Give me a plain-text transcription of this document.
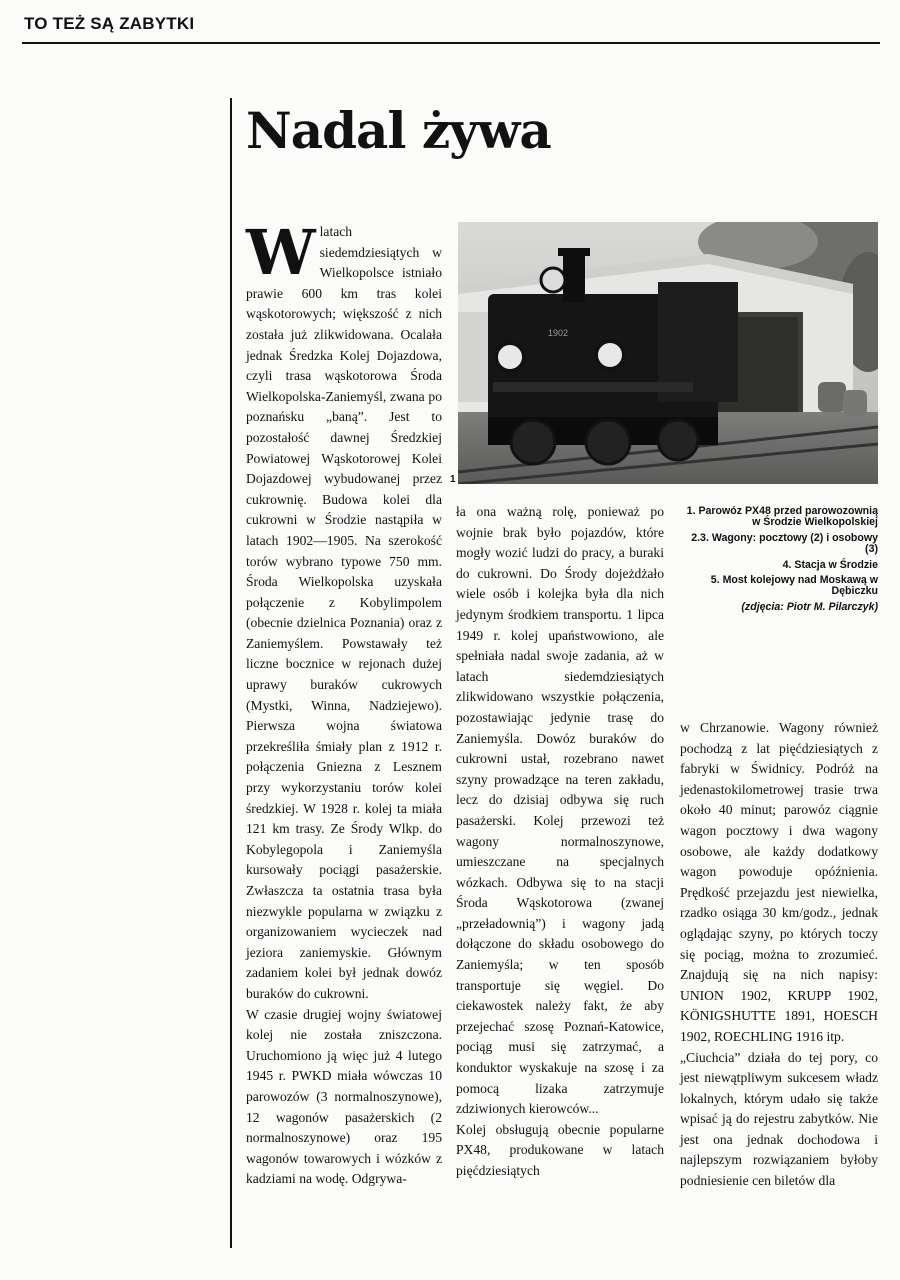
TO TEŻ SĄ ZABYTKI
Nadal żywa

Wlatach siedemdziesiątych w Wielkopolsce istniało prawie 600 km tras kolei wąskotorowych; większość z nich została już zlikwidowana. Ocalała jednak Średzka Kolej Dojazdowa, czyli trasa wąskotorowa Środa Wielkopolska-Zaniemyśl, zwana po poznańsku „baną”. Jest to pozostałość dawnej Średzkiej Powiatowej Wąskotorowej Kolei Dojazdowej wybudowanej przez cukrownię. Budowa kolei dla cukrowni w Środzie nastąpiła w latach 1902—1905. Na szerokość torów wybrano typowe 750 mm. Środa Wielkopolska uzyskała połączenie z Kobylimpolem (obecnie dzielnica Poznania) oraz z Zaniemyślem. Powstawały też liczne bocznice w rejonach dużej uprawy buraków cukrowych (Mystki, Winna, Nadziejewo). Pierwsza wojna światowa przekreśliła śmiały plan z 1912 r. połączenia Gniezna z Lesznem przy wykorzystaniu torów kolei średzkiej. W 1928 r. kolej ta miała 121 km trasy. Ze Środy Wlkp. do Kobylegopola i Zaniemyśla kursowały pociągi pasażerskie. Zwłaszcza ta ostatnia trasa była niezwykle popularna w związku z organizowaniem wycieczek nad jeziora zaniemyskie. Głównym zadaniem kolei był jednak dowóz buraków do cukrowni.

W czasie drugiej wojny światowej kolej nie została zniszczona. Uruchomiono ją więc już 4 lutego 1945 r. PWKD miała wówczas 10 parowozów (3 normalnoszynowe), 12 wagonów pasażerskich (2 normalnoszynowe) oraz 195 wagonów towarowych i wózków z kadziami na wodę. Odgrywa-

1902
1
1. Parowóz PX48 przed parowozownią w Środzie Wielkopolskiej
2.3. Wagony: pocztowy (2) i osobowy (3)
4. Stacja w Środzie
5. Most kolejowy nad Moskawą w Dębiczku
(zdjęcia: Piotr M. Pilarczyk)

ła ona ważną rolę, ponieważ po wojnie brak było pojazdów, które mogły wozić ludzi do pracy, a buraki do cukrowni. Do Środy dojeżdżało wiele osób i kolejka była dla nich jedynym środkiem transportu. 1 lipca 1949 r. kolej upaństwowiono, ale spełniała nadal swoje zadania, aż w latach siedemdziesiątych zlikwidowano wszystkie połączenia, pozostawiając jedynie trasę do Zaniemyśla. Dowóz buraków do cukrowni ustał, rozebrano nawet szyny prowadzące na teren zakładu, lecz do dzisiaj odbywa się ruch pasażerski. Kolej przewozi też wagony normalnoszynowe, umieszczane na specjalnych wózkach. Odbywa się to na stacji Środa Wąskotorowa (zwanej „przeładownią”) i wagony jadą dołączone do składu osobowego do Zaniemyśla; w ten sposób transportuje się węgiel. Do ciekawostek należy fakt, że aby przejechać szosę Poznań-Katowice, pociąg musi się zatrzymać, a konduktor wyskakuje na szosę i za pomocą lizaka zatrzymuje zdziwionych kierowców...

Kolej obsługują obecnie popularne PX48, produkowane w latach pięćdziesiątych

w Chrzanowie. Wagony również pochodzą z lat pięćdziesiątych z fabryki w Świdnicy. Podróż na jedenastokilometrowej trasie trwa około 40 minut; parowóz ciągnie wagon pocztowy i dwa wagony osobowe, ale każdy dodatkowy wagon powoduje opóźnienia. Prędkość przejazdu jest niewielka, rzadko osiąga 30 km/godz., jednak oglądając szyny, po których toczy się pociąg, można to zrozumieć. Znajdują się na nich napisy: UNION 1902, KRUPP 1902, KÖNIGSHUTTE 1891, HOESCH 1902, ROECHLING 1916 itp.

„Ciuchcia” działa do tej pory, co jest niewątpliwym sukcesem władz lokalnych, którym udało się także wpisać ją do rejestru zabytków. Nie jest ona jednak dochodowa i najlepszym rozwiązaniem byłoby podniesienie cen biletów dla
